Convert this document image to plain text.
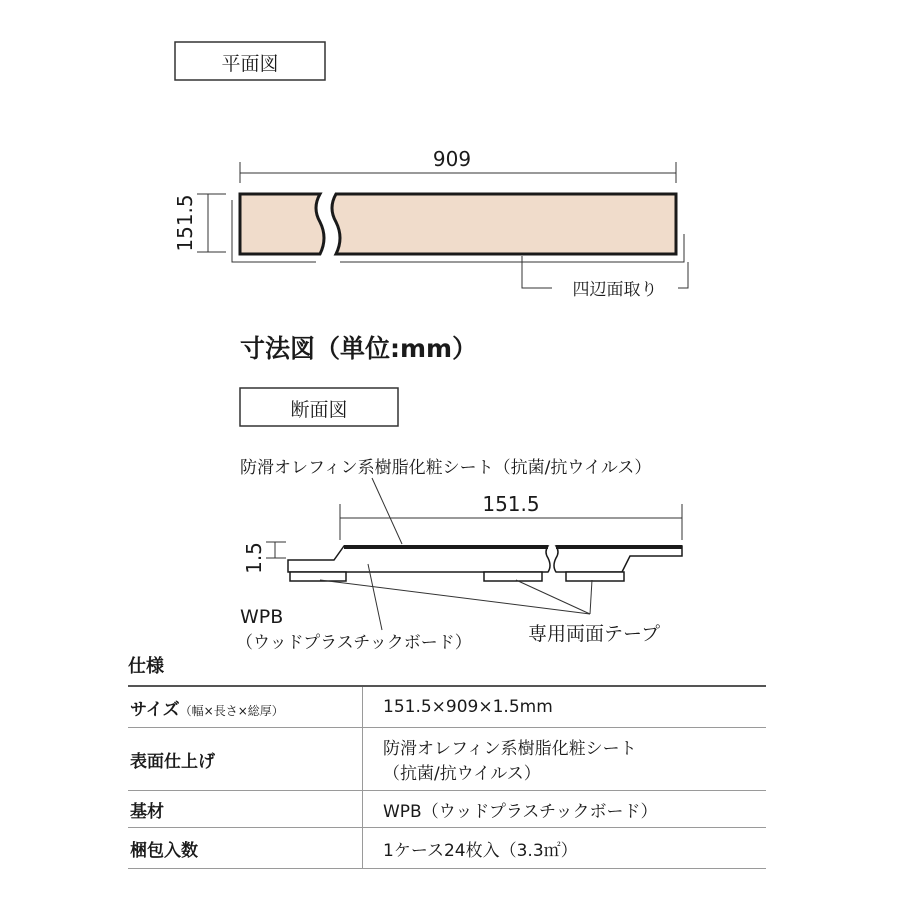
平面図
909
151.5
四辺面取り
寸法図（単位:mm）
断面図
防滑オレフィン系樹脂化粧シート（抗菌/抗ウイルス）
151.5
1.5
WPB
（ウッドプラスチックボード）	専用両面テープ
仕様
サイズ（幅×長さ×総厚）	151.5×909×1.5mm
表面仕上げ	防滑オレフィン系樹脂化粧シート
（抗菌/抗ウイルス）

基材	WPB（ウッドプラスチックボード）
梱包入数	1ケース24枚入（3.3㎡）
